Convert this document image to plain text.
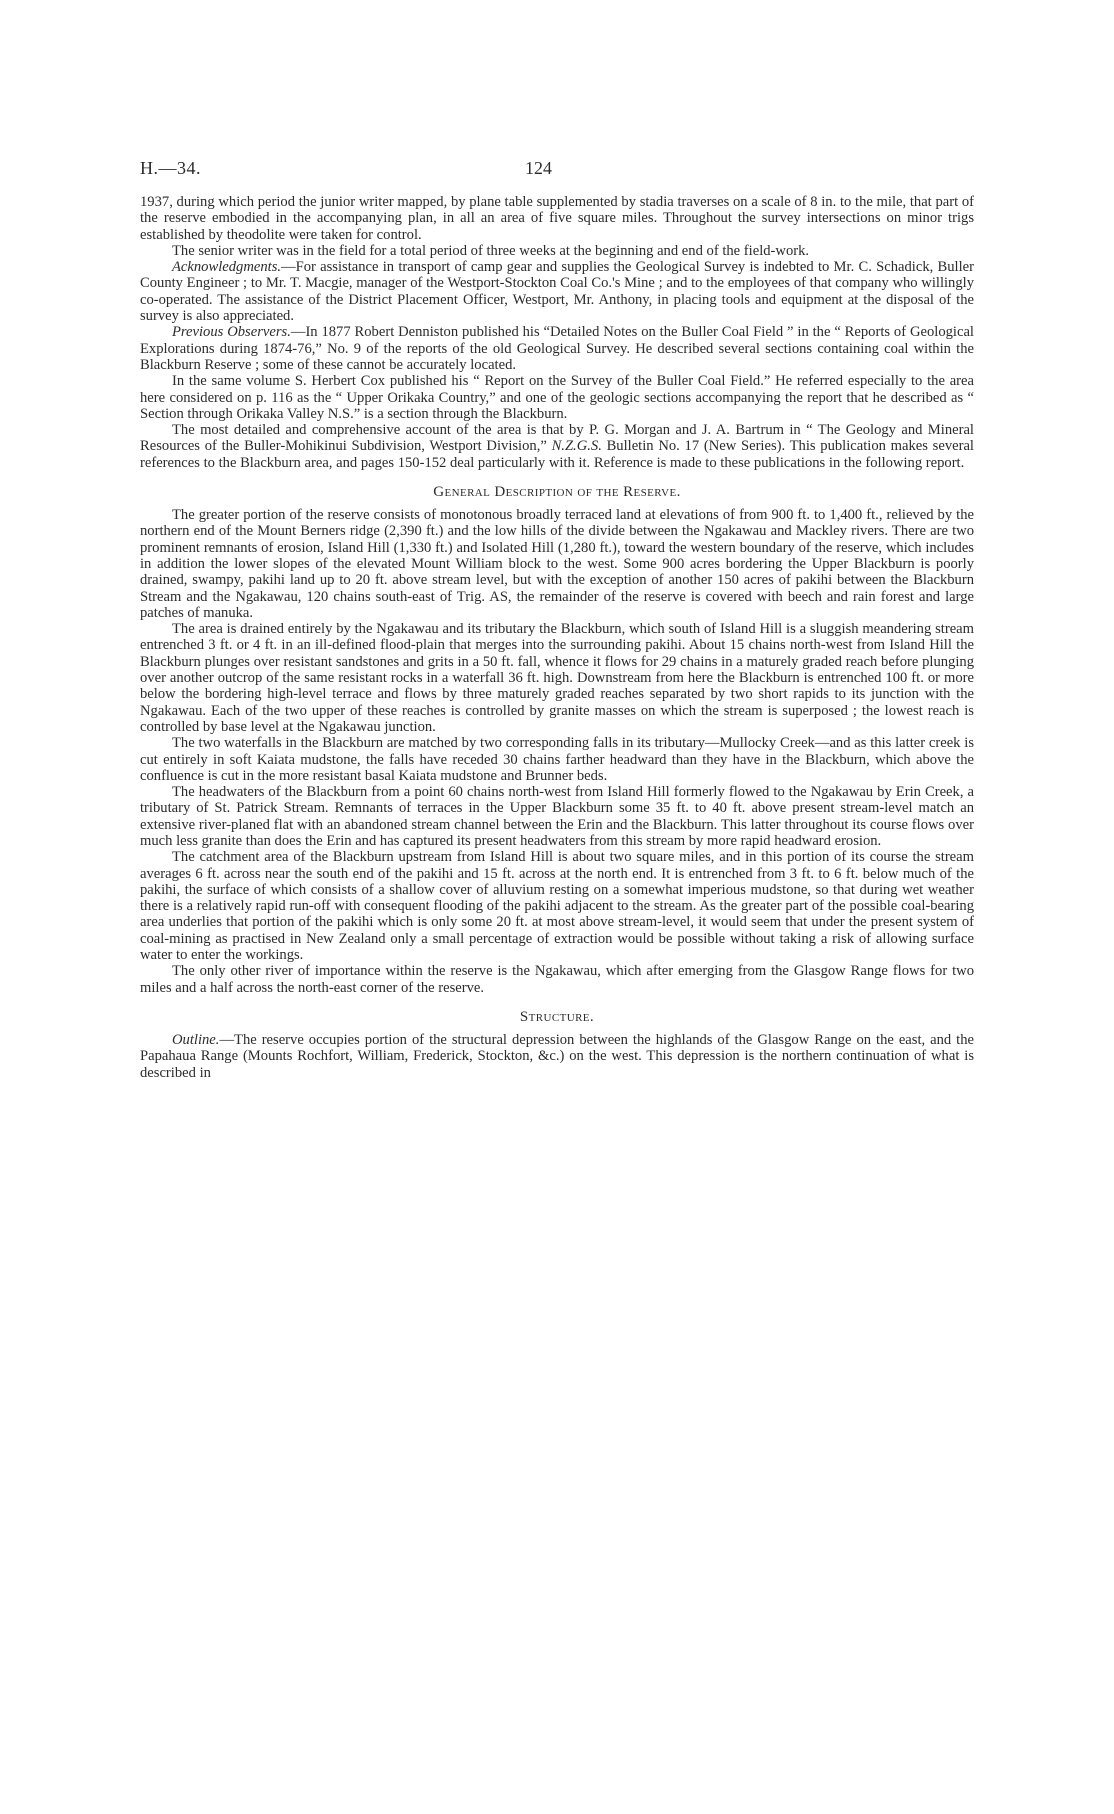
H.—34.	124

1937, during which period the junior writer mapped, by plane table supplemented by stadia traverses on a scale of 8 in. to the mile, that part of the reserve embodied in the accompanying plan, in all an area of five square miles. Throughout the survey intersections on minor trigs established by theodolite were taken for control.

The senior writer was in the field for a total period of three weeks at the beginning and end of the field-work.

Acknowledgments.—For assistance in transport of camp gear and supplies the Geological Survey is indebted to Mr. C. Schadick, Buller County Engineer ; to Mr. T. Macgie, manager of the Westport-Stockton Coal Co.'s Mine ; and to the employees of that company who willingly co-operated. The assistance of the District Placement Officer, Westport, Mr. Anthony, in placing tools and equipment at the disposal of the survey is also appreciated.

Previous Observers.—In 1877 Robert Denniston published his “Detailed Notes on the Buller Coal Field ” in the “ Reports of Geological Explorations during 1874-76,” No. 9 of the reports of the old Geological Survey. He described several sections containing coal within the Blackburn Reserve ; some of these cannot be accurately located.

In the same volume S. Herbert Cox published his “ Report on the Survey of the Buller Coal Field.” He referred especially to the area here considered on p. 116 as the “ Upper Orikaka Country,” and one of the geologic sections accompanying the report that he described as “ Section through Orikaka Valley N.S.” is a section through the Blackburn.

The most detailed and comprehensive account of the area is that by P. G. Morgan and J. A. Bartrum in “ The Geology and Mineral Resources of the Buller-Mohikinui Subdivision, Westport Division,” N.Z.G.S. Bulletin No. 17 (New Series). This publication makes several references to the Blackburn area, and pages 150-152 deal particularly with it. Reference is made to these publications in the following report.

General Description of the Reserve.

The greater portion of the reserve consists of monotonous broadly terraced land at elevations of from 900 ft. to 1,400 ft., relieved by the northern end of the Mount Berners ridge (2,390 ft.) and the low hills of the divide between the Ngakawau and Mackley rivers. There are two prominent remnants of erosion, Island Hill (1,330 ft.) and Isolated Hill (1,280 ft.), toward the western boundary of the reserve, which includes in addition the lower slopes of the elevated Mount William block to the west. Some 900 acres bordering the Upper Blackburn is poorly drained, swampy, pakihi land up to 20 ft. above stream level, but with the exception of another 150 acres of pakihi between the Blackburn Stream and the Ngakawau, 120 chains south-east of Trig. AS, the remainder of the reserve is covered with beech and rain forest and large patches of manuka.

The area is drained entirely by the Ngakawau and its tributary the Blackburn, which south of Island Hill is a sluggish meandering stream entrenched 3 ft. or 4 ft. in an ill-defined flood-plain that merges into the surrounding pakihi. About 15 chains north-west from Island Hill the Blackburn plunges over resistant sandstones and grits in a 50 ft. fall, whence it flows for 29 chains in a maturely graded reach before plunging over another outcrop of the same resistant rocks in a waterfall 36 ft. high. Downstream from here the Blackburn is entrenched 100 ft. or more below the bordering high-level terrace and flows by three maturely graded reaches separated by two short rapids to its junction with the Ngakawau. Each of the two upper of these reaches is controlled by granite masses on which the stream is superposed ; the lowest reach is controlled by base level at the Ngakawau junction.

The two waterfalls in the Blackburn are matched by two corresponding falls in its tributary—Mullocky Creek—and as this latter creek is cut entirely in soft Kaiata mudstone, the falls have receded 30 chains farther headward than they have in the Blackburn, which above the confluence is cut in the more resistant basal Kaiata mudstone and Brunner beds.

The headwaters of the Blackburn from a point 60 chains north-west from Island Hill formerly flowed to the Ngakawau by Erin Creek, a tributary of St. Patrick Stream. Remnants of terraces in the Upper Blackburn some 35 ft. to 40 ft. above present stream-level match an extensive river-planed flat with an abandoned stream channel between the Erin and the Blackburn. This latter throughout its course flows over much less granite than does the Erin and has captured its present headwaters from this stream by more rapid headward erosion.

The catchment area of the Blackburn upstream from Island Hill is about two square miles, and in this portion of its course the stream averages 6 ft. across near the south end of the pakihi and 15 ft. across at the north end. It is entrenched from 3 ft. to 6 ft. below much of the pakihi, the surface of which consists of a shallow cover of alluvium resting on a somewhat imperious mudstone, so that during wet weather there is a relatively rapid run-off with consequent flooding of the pakihi adjacent to the stream. As the greater part of the possible coal-bearing area underlies that portion of the pakihi which is only some 20 ft. at most above stream-level, it would seem that under the present system of coal-mining as practised in New Zealand only a small percentage of extraction would be possible without taking a risk of allowing surface water to enter the workings.

The only other river of importance within the reserve is the Ngakawau, which after emerging from the Glasgow Range flows for two miles and a half across the north-east corner of the reserve.

Structure.

Outline.—The reserve occupies portion of the structural depression between the highlands of the Glasgow Range on the east, and the Papahaua Range (Mounts Rochfort, William, Frederick, Stockton, &c.) on the west. This depression is the northern continuation of what is described in
